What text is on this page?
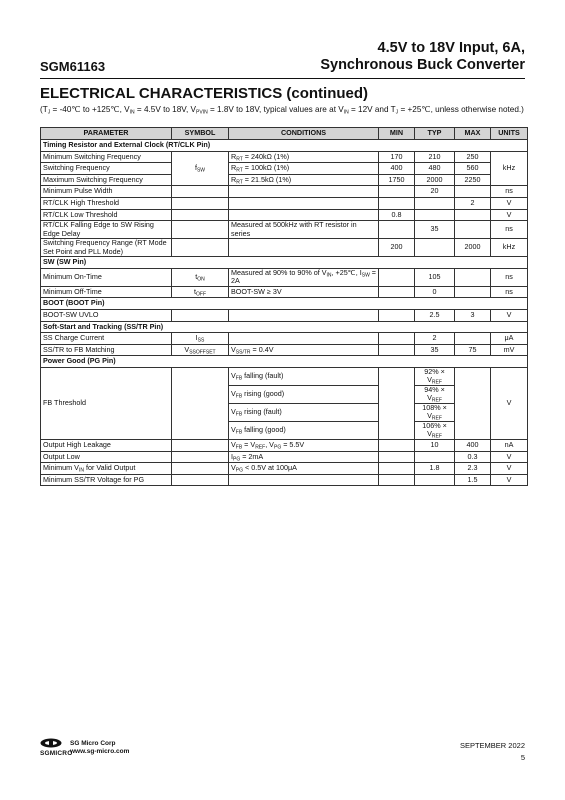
SGM61163
4.5V to 18V Input, 6A,
Synchronous Buck Converter
ELECTRICAL CHARACTERISTICS (continued)
($T_J$ = -40℃ to +125℃, $V_{IN} = 4.5V$ to 18V, $V_{PVIN} = 1.8V$ to 18V, typical values are at $V_{IN} = 12V$ and $T_J$ = +25℃, unless otherwise noted.)
PARAMETER	SYMBOL	CONDITIONS	MIN	TYP	MAX	UNITS
Timing Resistor and External Clock (RT/CLK Pin)						
Minimum Switching Frequency	$f_{SW}$	$R_{RT} = 240k\Omega$ (1%)	170	210	250	kHz
Switching Frequency		$R_{RT} = 100k\Omega$ (1%)	400	480	560	
Maximum Switching Frequency		$R_{RT} = 21.5k\Omega$ (1%)	1750	2000	2250	
Minimum Pulse Width				20		ns
RT/CLK High Threshold					2	V
RT/CLK Low Threshold			0.8			V
RT/CLK Falling Edge to SW Rising Edge Delay		Measured at 500kHz with RT resistor in series		35		ns
Switching Frequency Range (RT Mode Set Point and PLL Mode)			200		2000	kHz
SW (SW Pin)						
Minimum On-Time	$t_{ON}$	Measured at 90% to 90% of $V_{IN}$, +25℃, $I_{SW} = 2A$		105		ns
Minimum Off-Time	$t_{OFF}$	BOOT-SW ≥ 3V		0		ns
BOOT (BOOT Pin)						
BOOT-SW UVLO				2.5	3	V
Soft-Start and Tracking (SS/TR Pin)						
SS Charge Current	$I_{SS}$			2		μA
SS/TR to FB Matching	$V_{SSOFFSET}$	$V_{SS/TR} = 0.4V$		35	75	mV
Power Good (PG Pin)						
FB Threshold		$V_{FB}$ falling (fault)		$92\% \times V_{REF}$		V
		$V_{FB}$ rising (good)		$94\% \times V_{REF}$
		$V_{FB}$ rising (fault)		$108\% \times V_{REF}$
		$V_{FB}$ falling (good)		$106\% \times V_{REF}$
Output High Leakage		$V_{FB} = V_{REF}$, $V_{PG} = 5.5V$		10	400	nA
Output Low		$I_{PG} = 2mA$			0.3	V
Minimum $V_{IN}$ for Valid Output		$V_{PG} < 0.5V$ at 100μA		1.8	2.3	V
Minimum SS/TR Voltage for PG					1.5	V
SG Micro Corp
SGMICRO
www.sg-micro.com
SEPTEMBER 2022
5
